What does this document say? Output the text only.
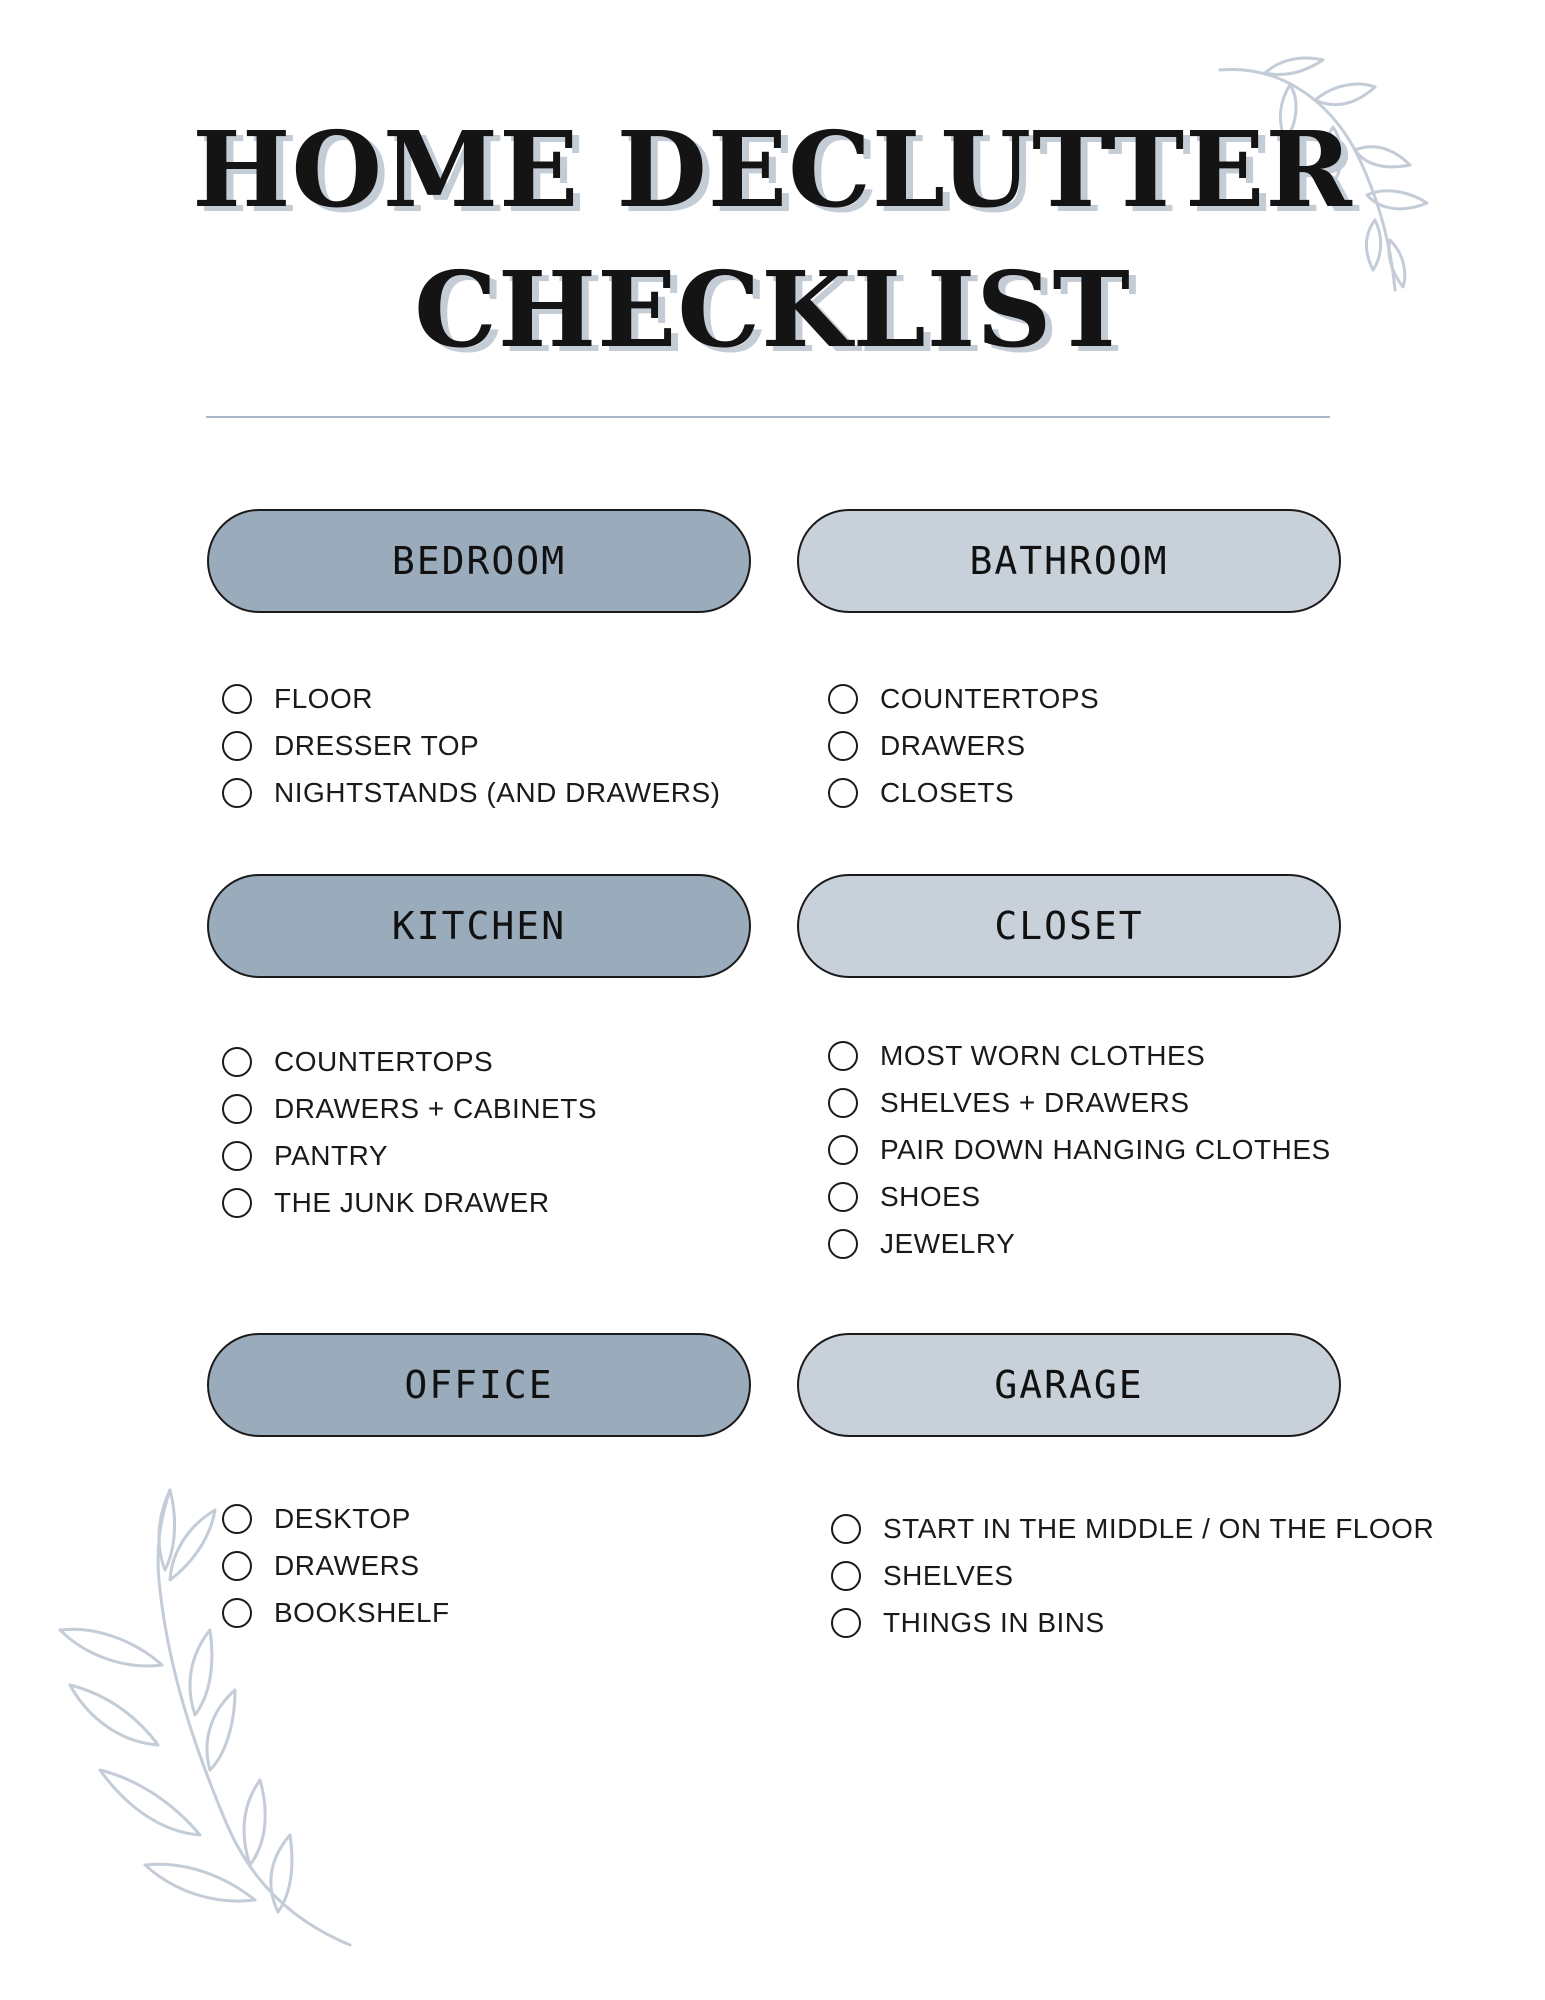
HOME DECLUTTER
CHECKLIST
BEDROOM
FLOOR
DRESSER TOP
NIGHTSTANDS (AND DRAWERS)
BATHROOM
COUNTERTOPS
DRAWERS
CLOSETS
KITCHEN
COUNTERTOPS
DRAWERS + CABINETS
PANTRY
THE JUNK DRAWER
CLOSET
MOST WORN CLOTHES
SHELVES + DRAWERS
PAIR DOWN HANGING CLOTHES
SHOES
JEWELRY
OFFICE
DESKTOP
DRAWERS
BOOKSHELF
GARAGE
START IN THE MIDDLE / ON THE FLOOR
SHELVES
THINGS IN BINS
